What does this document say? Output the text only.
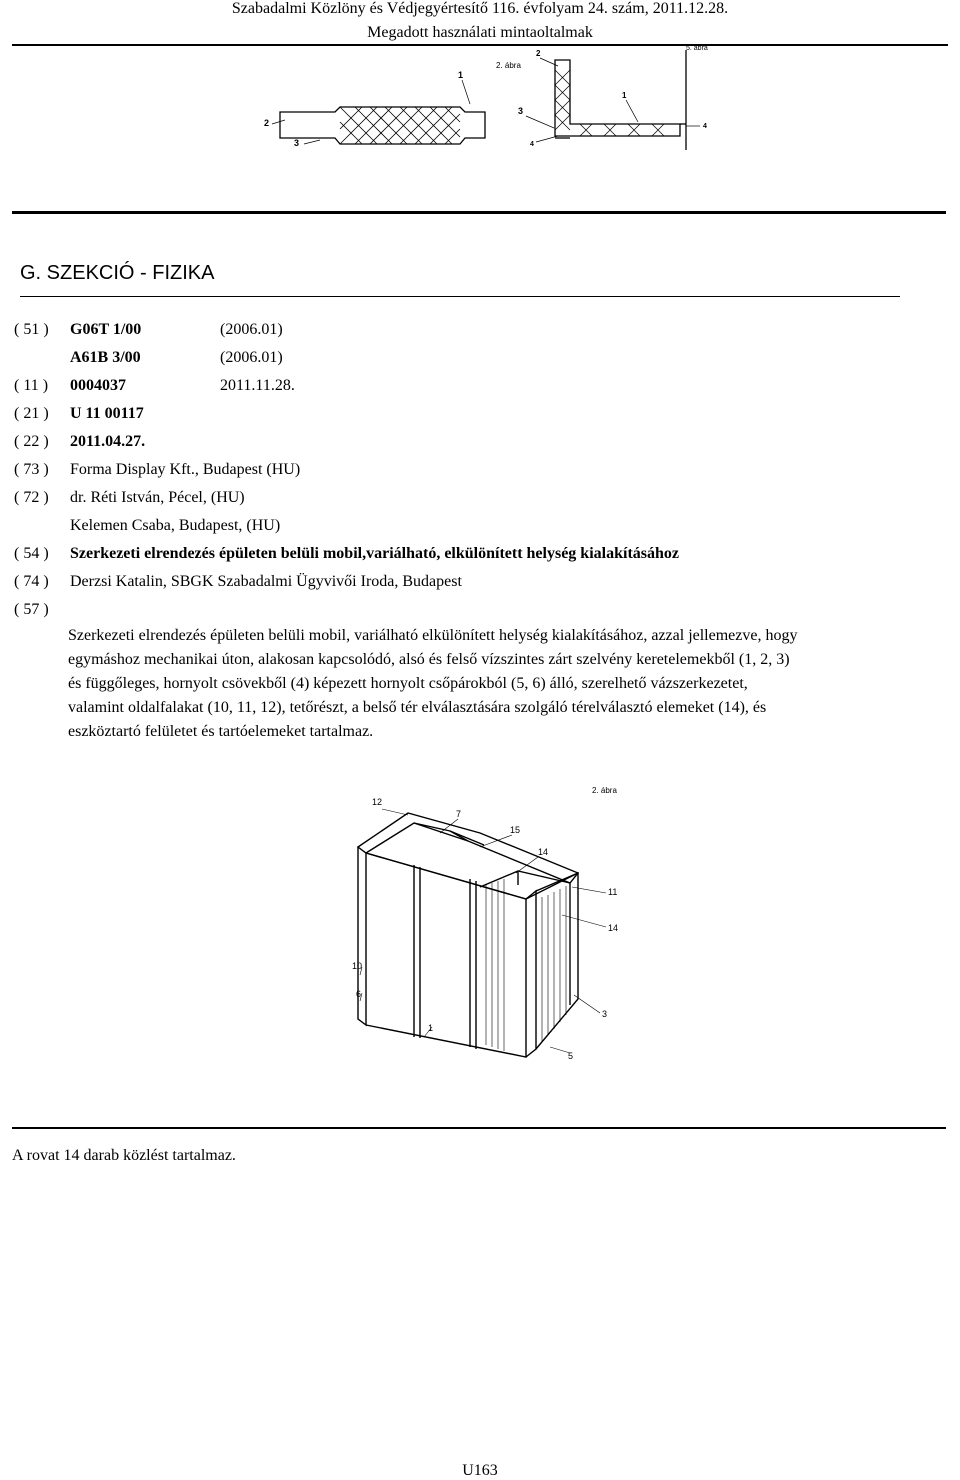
Szabadalmi Közlöny és Védjegyértesítő 116. évfolyam 24. szám, 2011.12.28.
Megadott használati mintaoltalmak
1
2
3
2. ábra
2
3
1
4
4
5. ábra
G. SZEKCIÓ - FIZIKA
( 51 ) G06T 1/00	(2006.01)
A61B 3/00	(2006.01)
( 11 ) 0004037	2011.11.28.
( 21 ) U 11 00117
( 22 ) 2011.04.27.
( 73 ) Forma Display Kft., Budapest (HU)
( 72 ) dr. Réti István, Pécel, (HU)
Kelemen Csaba, Budapest, (HU)
( 54 ) Szerkezeti elrendezés épületen belüli mobil,variálható, elkülönített helység kialakításához
( 74 ) Derzsi Katalin, SBGK Szabadalmi Ügyvivői Iroda, Budapest
( 57 )
Szerkezeti elrendezés épületen belüli mobil, variálható elkülönített helység kialakításához, azzal jellemezve, hogy
egymáshoz mechanikai úton, alakosan kapcsolódó, alsó és felső vízszintes zárt szelvény keretelemekből (1, 2, 3)
és függőleges, hornyolt csövekből (4) képezett hornyolt csőpárokból (5, 6) álló, szerelhető vázszerkezetet,
valamint oldalfalakat (10, 11, 12), tetőrészt, a belső tér elválasztására szolgáló térelválasztó elemeket (14), és
eszköztartó felületet és tartóelemeket tartalmaz.
2. ábra
12
7
15
14
11
14
10
6
1
3
5
A rovat 14 darab közlést tartalmaz.
U163
